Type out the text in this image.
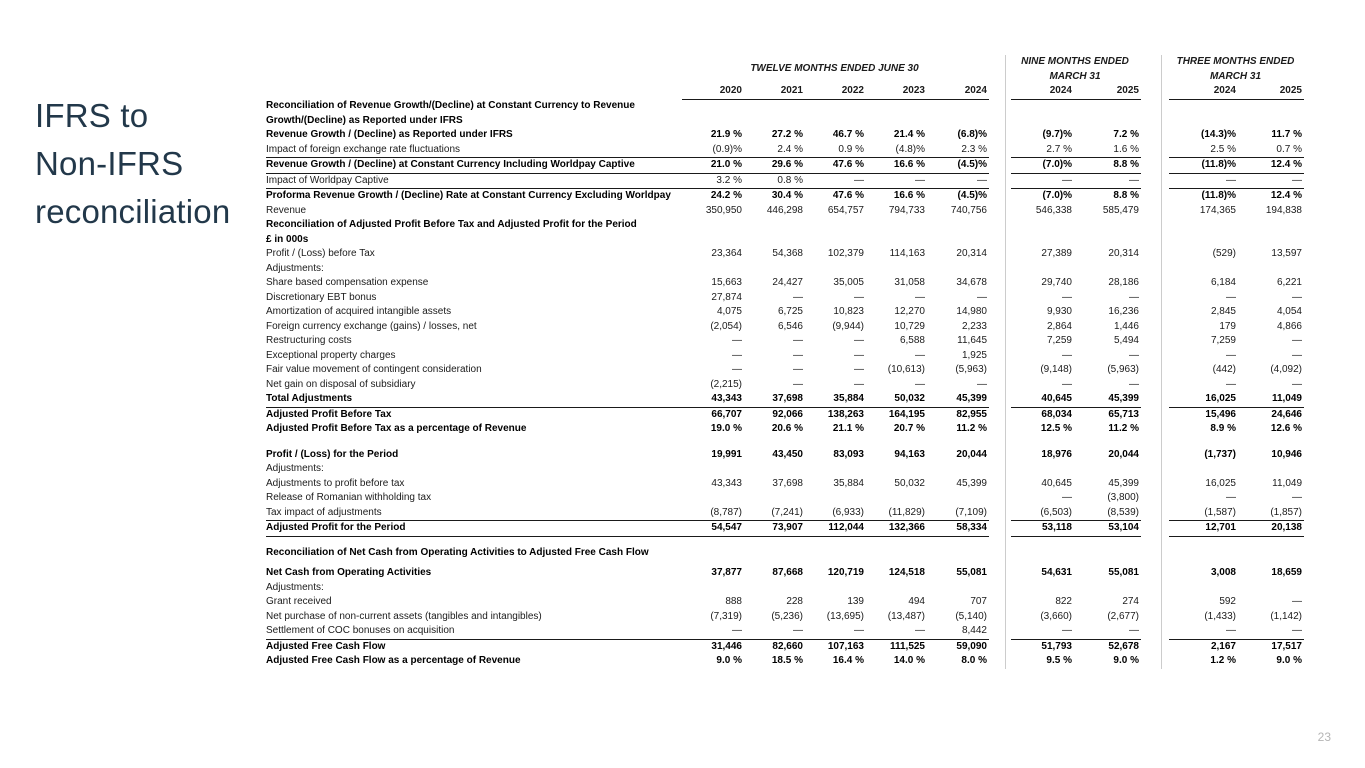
IFRS to
Non-IFRS
reconciliation

TWELVE MONTHS ENDED JUNE 30

NINE MONTHS ENDED
MARCH 31

THREE MONTHS ENDED
MARCH 31

	2020	2021	2022	2023	2024		2024	2025		2024	2025

Reconciliation of Revenue Growth/(Decline) at Constant Currency to Revenue
Growth/(Decline) as Reported under IFRS											

Revenue Growth / (Decline) as Reported under IFRS	21.9 %	27.2 %	46.7 %	21.4 %	(6.8)%		(9.7)%	7.2 %		(14.3)%	11.7 %
Impact of foreign exchange rate fluctuations	(0.9)%	2.4 %	0.9 %	(4.8)%	2.3 %		2.7 %	1.6 %		2.5 %	0.7 %
Revenue Growth / (Decline) at Constant Currency Including Worldpay Captive	21.0 %	29.6 %	47.6 %	16.6 %	(4.5)%		(7.0)%	8.8 %		(11.8)%	12.4 %
Impact of Worldpay Captive	3.2 %	0.8 %	—	—	—		—	—		—	—
Proforma Revenue Growth / (Decline) Rate at Constant Currency Excluding Worldpay	24.2 %	30.4 %	47.6 %	16.6 %	(4.5)%		(7.0)%	8.8 %		(11.8)%	12.4 %
Revenue	350,950	446,298	654,757	794,733	740,756		546,338	585,479		174,365	194,838
Reconciliation of Adjusted Profit Before Tax and Adjusted Profit for the Period											
£ in 000s											
Profit / (Loss) before Tax	23,364	54,368	102,379	114,163	20,314		27,389	20,314		(529)	13,597
Adjustments:											
Share based compensation expense	15,663	24,427	35,005	31,058	34,678		29,740	28,186		6,184	6,221
Discretionary EBT bonus	27,874	—	—	—	—		—	—		—	—
Amortization of acquired intangible assets	4,075	6,725	10,823	12,270	14,980		9,930	16,236		2,845	4,054
Foreign currency exchange (gains) / losses, net	(2,054)	6,546	(9,944)	10,729	2,233		2,864	1,446		179	4,866
Restructuring costs	—	—	—	6,588	11,645		7,259	5,494		7,259	—
Exceptional property charges	—	—	—	—	1,925		—	—		—	—
Fair value movement of contingent consideration	—	—	—	(10,613)	(5,963)		(9,148)	(5,963)		(442)	(4,092)
Net gain on disposal of subsidiary	(2,215)	—	—	—	—		—	—		—	—
Total Adjustments	43,343	37,698	35,884	50,032	45,399		40,645	45,399		16,025	11,049
Adjusted Profit Before Tax	66,707	92,066	138,263	164,195	82,955		68,034	65,713		15,496	24,646
Adjusted Profit Before Tax as a percentage of Revenue	19.0 %	20.6 %	21.1 %	20.7 %	11.2 %		12.5 %	11.2 %		8.9 %	12.6 %

Profit / (Loss) for the Period	19,991	43,450	83,093	94,163	20,044		18,976	20,044		(1,737)	10,946
Adjustments:											
Adjustments to profit before tax	43,343	37,698	35,884	50,032	45,399		40,645	45,399		16,025	11,049
Release of Romanian withholding tax							—	(3,800)		—	—
Tax impact of adjustments	(8,787)	(7,241)	(6,933)	(11,829)	(7,109)		(6,503)	(8,539)		(1,587)	(1,857)
Adjusted Profit for the Period	54,547	73,907	112,044	132,366	58,334		53,118	53,104		12,701	20,138

Reconciliation of Net Cash from Operating Activities to Adjusted Free Cash Flow											

Net Cash from Operating Activities	37,877	87,668	120,719	124,518	55,081		54,631	55,081		3,008	18,659
Adjustments:											
Grant received	888	228	139	494	707		822	274		592	—
Net purchase of non-current assets (tangibles and intangibles)	(7,319)	(5,236)	(13,695)	(13,487)	(5,140)		(3,660)	(2,677)		(1,433)	(1,142)
Settlement of COC bonuses on acquisition	—	—	—	—	8,442		—	—		—	—
Adjusted Free Cash Flow	31,446	82,660	107,163	111,525	59,090		51,793	52,678		2,167	17,517
Adjusted Free Cash Flow as a percentage of Revenue	9.0 %	18.5 %	16.4 %	14.0 %	8.0 %		9.5 %	9.0 %		1.2 %	9.0 %
23
